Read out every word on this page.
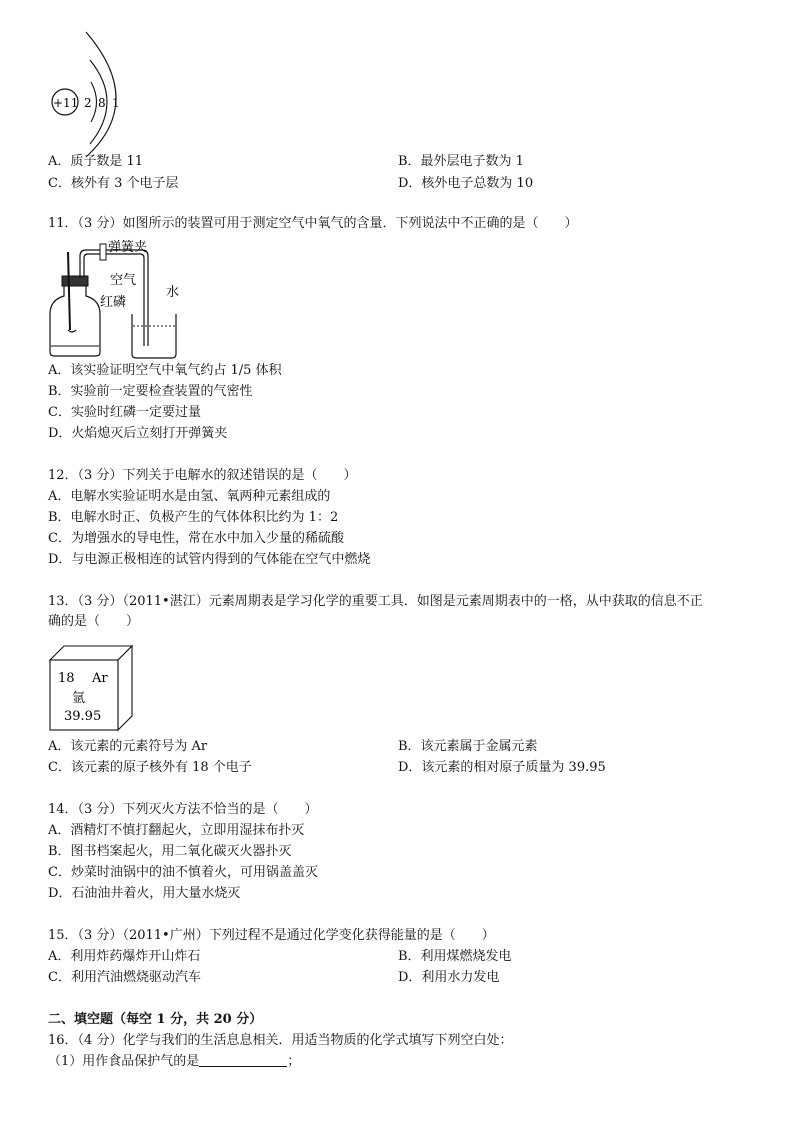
+11 2 8 1
A．质子数是 11	B．最外层电子数为 1
C．核外有 3 个电子层	D．核外电子总数为 10
11．（3 分）如图所示的装置可用于测定空气中氧气的含量．下列说法中不正确的是（　　）
弹簧夹
空气
红磷
水
A．该实验证明空气中氧气约占 1/5 体积
B．实验前一定要检查装置的气密性
C．实验时红磷一定要过量
D．火焰熄灭后立刻打开弹簧夹
12．（3 分）下列关于电解水的叙述错误的是（　　）
A．电解水实验证明水是由氢、氧两种元素组成的
B．电解水时正、负极产生的气体体积比约为 1：2
C．为增强水的导电性，常在水中加入少量的稀硫酸
D．与电源正极相连的试管内得到的气体能在空气中燃烧
13．（3 分）（2011•湛江）元素周期表是学习化学的重要工具．如图是元素周期表中的一格，从中获取的信息不正
确的是（　　）
18 Ar
氩
39.95
A．该元素的元素符号为 Ar	B．该元素属于金属元素
C．该元素的原子核外有 18 个电子	D．该元素的相对原子质量为 39.95
14．（3 分）下列灭火方法不恰当的是（　　）
A．酒精灯不慎打翻起火，立即用湿抹布扑灭
B．图书档案起火，用二氧化碳灭火器扑灭
C．炒菜时油锅中的油不慎着火，可用锅盖盖灭
D．石油油井着火，用大量水烧灭
15．（3 分）（2011•广州）下列过程不是通过化学变化获得能量的是（　　）
A．利用炸药爆炸开山炸石	B．利用煤燃烧发电
C．利用汽油燃烧驱动汽车	D．利用水力发电
二、填空题（每空 1 分，共 20 分）
16．（4 分）化学与我们的生活息息相关．用适当物质的化学式填写下列空白处：
（1）用作食品保护气的是	；
